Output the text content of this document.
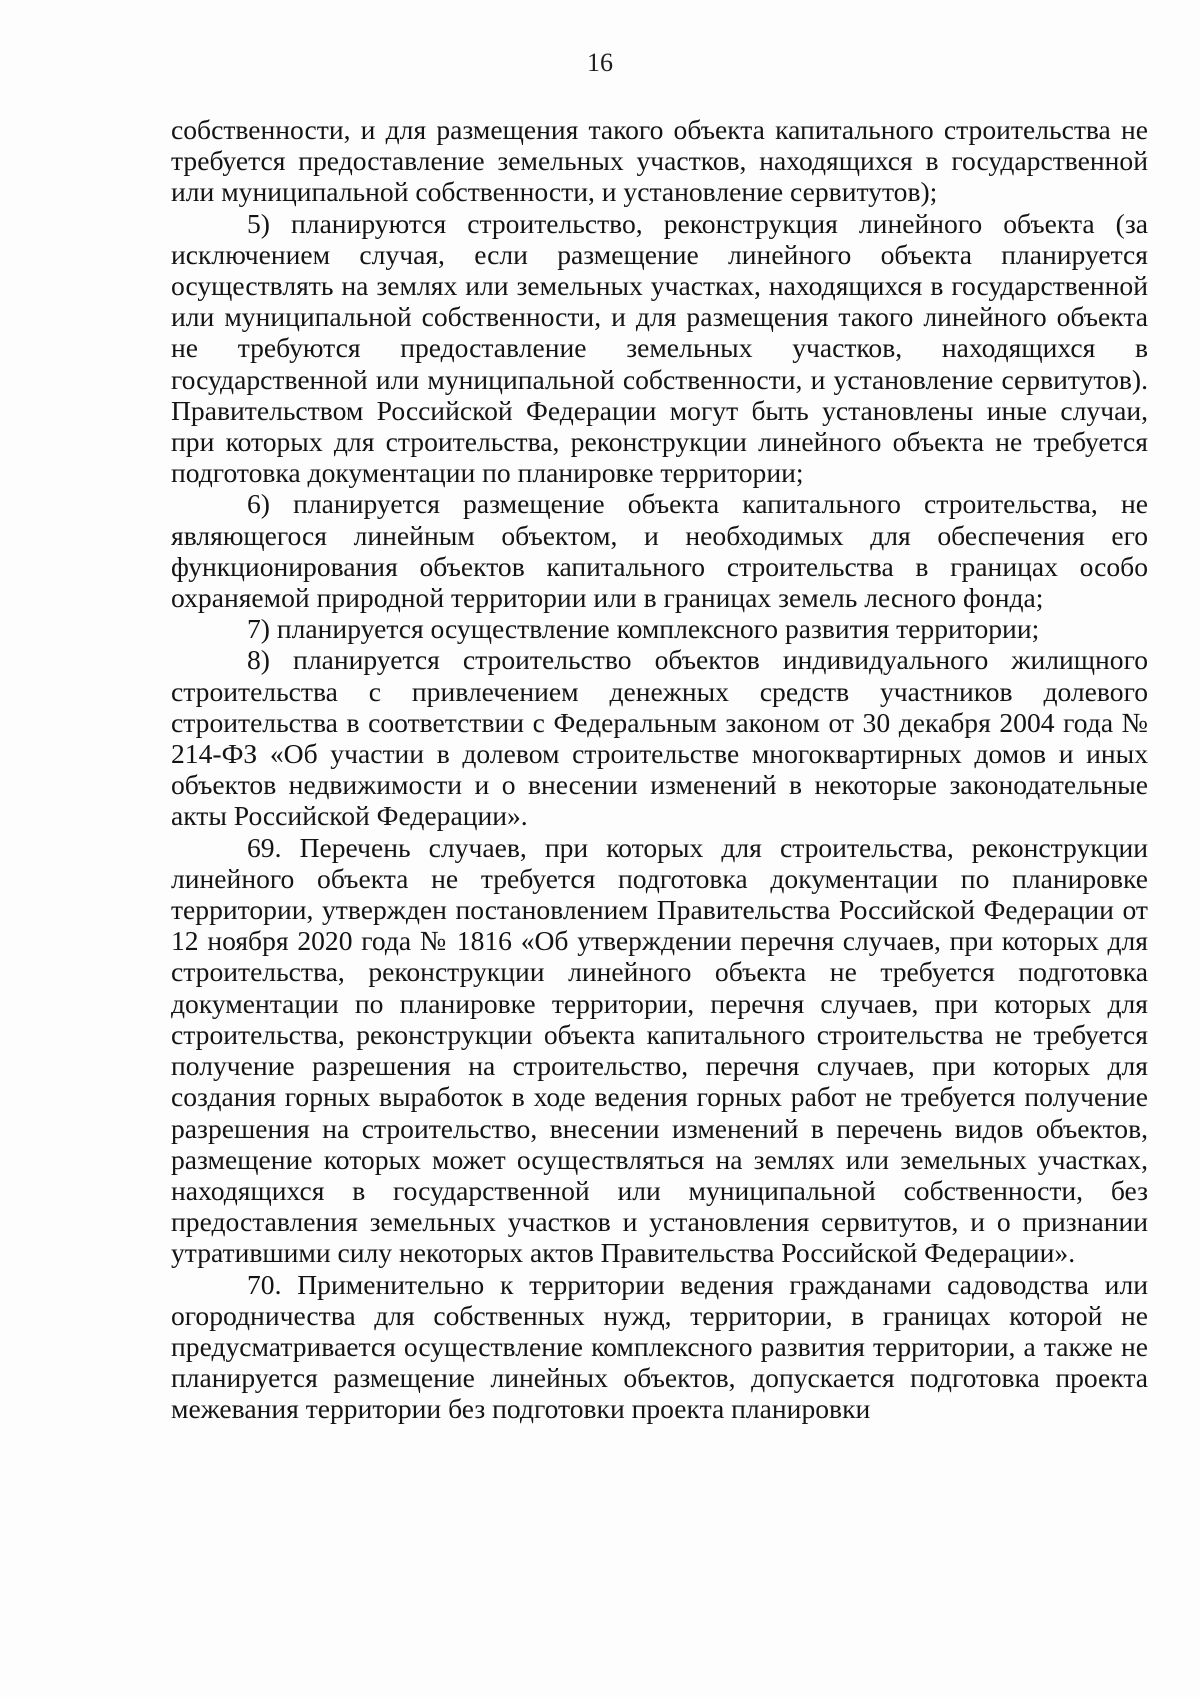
16

собственности, и для размещения такого объекта капитального строительства не требуется предоставление земельных участков, находящихся в государственной или муниципальной собственности, и установление сервитутов);

5) планируются строительство, реконструкция линейного объекта (за исключением случая, если размещение линейного объекта планируется осуществлять на землях или земельных участках, находящихся в государственной или муниципальной собственности, и для размещения такого линейного объекта не требуются предоставление земельных участков, находящихся в государственной или муниципальной собственности, и установление сервитутов). Правительством Российской Федерации могут быть установлены иные случаи, при которых для строительства, реконструкции линейного объекта не требуется подготовка документации по планировке территории;

6) планируется размещение объекта капитального строительства, не являющегося линейным объектом, и необходимых для обеспечения его функционирования объектов капитального строительства в границах особо охраняемой природной территории или в границах земель лесного фонда;

7) планируется осуществление комплексного развития территории;

8) планируется строительство объектов индивидуального жилищного строительства с привлечением денежных средств участников долевого строительства в соответствии с Федеральным законом от 30 декабря 2004 года № 214-ФЗ «Об участии в долевом строительстве многоквартирных домов и иных объектов недвижимости и о внесении изменений в некоторые законодательные акты Российской Федерации».

69. Перечень случаев, при которых для строительства, реконструкции линейного объекта не требуется подготовка документации по планировке территории, утвержден постановлением Правительства Российской Федерации от 12 ноября 2020 года № 1816 «Об утверждении перечня случаев, при которых для строительства, реконструкции линейного объекта не требуется подготовка документации по планировке территории, перечня случаев, при которых для строительства, реконструкции объекта капитального строительства не требуется получение разрешения на строительство, перечня случаев, при которых для создания горных выработок в ходе ведения горных работ не требуется получение разрешения на строительство, внесении изменений в перечень видов объектов, размещение которых может осуществляться на землях или земельных участках, находящихся в государственной или муниципальной собственности, без предоставления земельных участков и установления сервитутов, и о признании утратившими силу некоторых актов Правительства Российской Федерации».

70. Применительно к территории ведения гражданами садоводства или огородничества для собственных нужд, территории, в границах которой не предусматривается осуществление комплексного развития территории, а также не планируется размещение линейных объектов, допускается подготовка проекта межевания территории без подготовки проекта планировки
